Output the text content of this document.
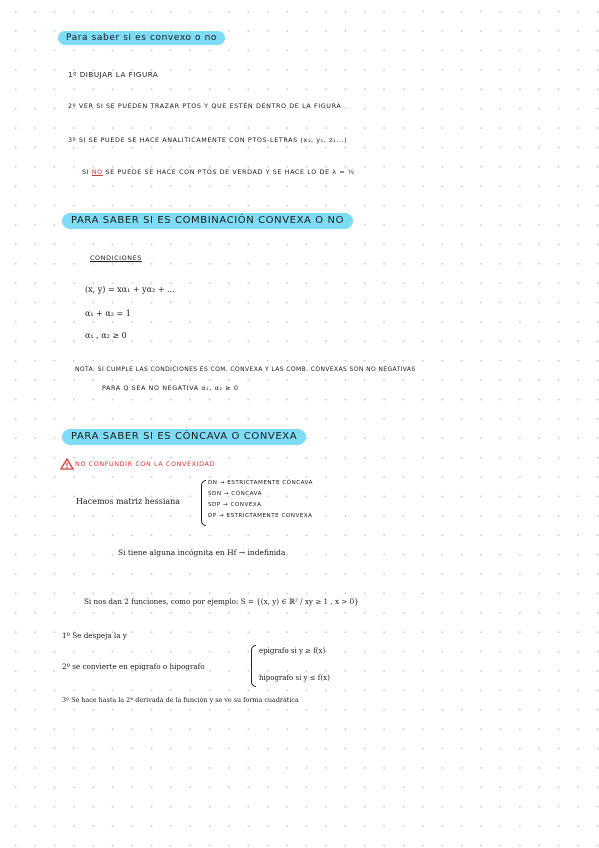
Para saber si es convexo o no
1º DIBUJAR LA FIGURA
2º VER SI SE PUEDEN TRAZAR PTOS Y QUE ESTÉN DENTRO DE LA FIGURA
3º SI SE PUEDE SE HACE ANALITICAMENTE CON PTOS-LETRAS (x₁, y₁, z₁...)
SI NO SE PUEDE SE HACE CON PTOS DE VERDAD Y SE HACE LO DE λ = ½
PARA SABER SI ES COMBINACIÓN CONVEXA O NO
CONDICIONES
(x, y) = xα₁ + yα₂ + ...
α₁ + α₂ = 1
α₁ , α₂ ≥ 0
NOTA: SI CUMPLE LAS CONDICIONES ES COM. CONVEXA Y LAS COMB. CONVEXAS SON NO NEGATIVAS
PARA Q SEA NO NEGATIVA α₁, α₂ ≥ 0
PARA SABER SI ES CÓNCAVA O CONVEXA
NO CONFUNDIR CON LA CONVEXIDAD
Hacemos matriz hessiana
DN → ESTRICTAMENTE CÓNCAVA
SDN → CÓNCAVA
SDP → CONVEXA
DP → ESTRICTAMENTE CONVEXA
Si tiene alguna incógnita en Hf → indefinida
Si nos dan 2 funciones, como por ejemplo: S = {(x, y) ∈ ℝ² / xy ≥ 1 , x > 0}
1º Se despeja la y
2º se convierte en epigrafo o hipografo
epigrafo si y ≥ f(x)
hipografo si y ≤ f(x)
3º Se hace hasta la 2ª derivada de la función y se ve su forma cuadrática
